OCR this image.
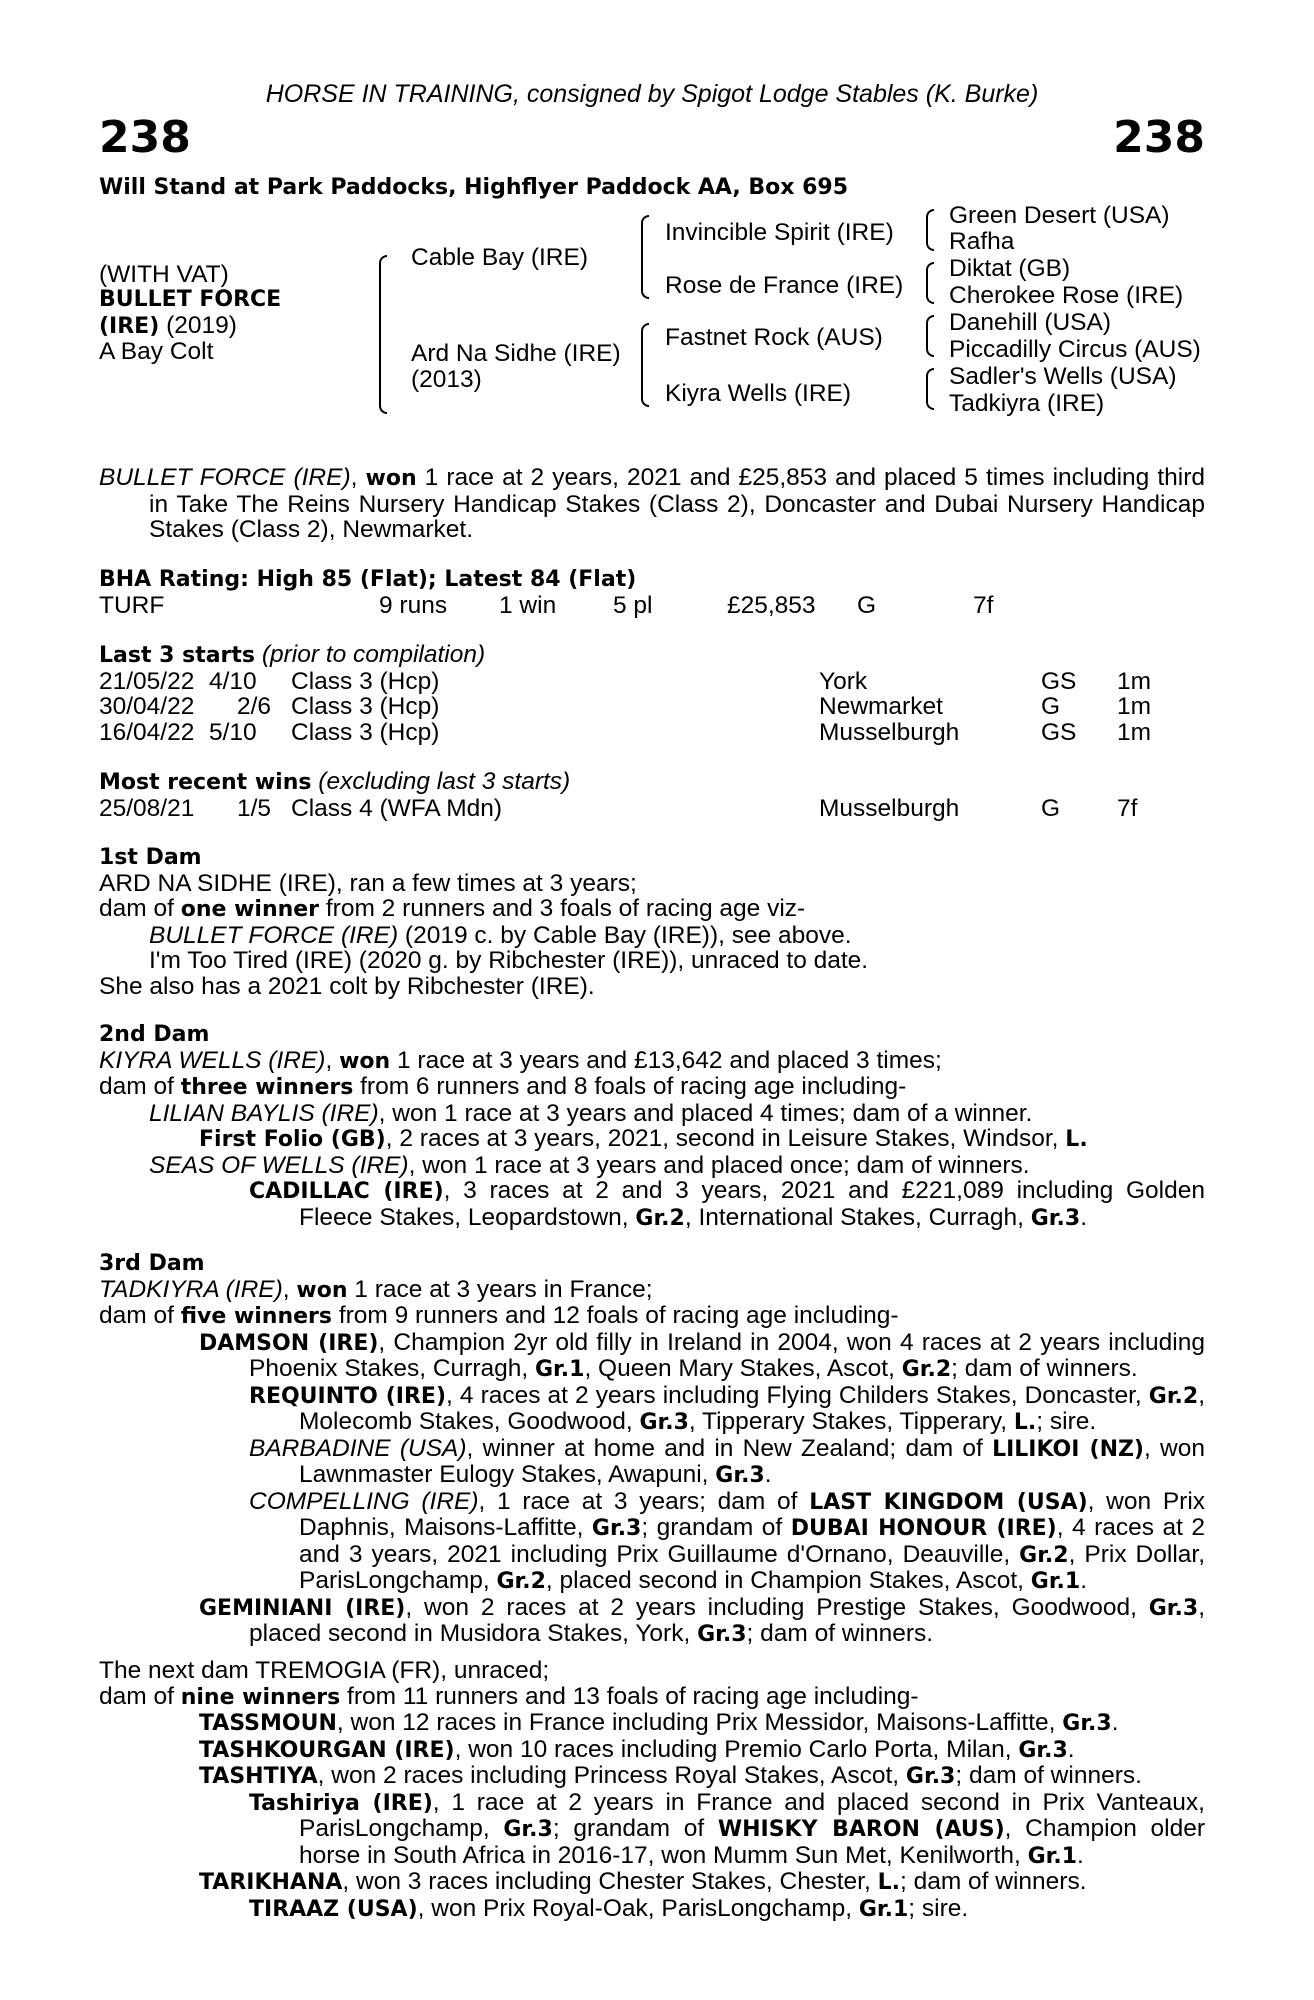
HORSE IN TRAINING, consigned by Spigot Lodge Stables (K. Burke)
238	238
Will Stand at Park Paddocks, Highflyer Paddock AA, Box 695
(WITH VAT)
BULLET FORCE
(IRE) (2019)
A Bay Colt
Cable Bay (IRE)
Ard Na Sidhe (IRE)
(2013)
Invincible Spirit (IRE)
Rose de France (IRE)
Fastnet Rock (AUS)
Kiyra Wells (IRE)
Green Desert (USA)
Rafha
Diktat (GB)
Cherokee Rose (IRE)
Danehill (USA)
Piccadilly Circus (AUS)
Sadler's Wells (USA)
Tadkiyra (IRE)

BULLET FORCE (IRE), won 1 race at 2 years, 2021 and £25,853 and placed 5 times including third in Take The Reins Nursery Handicap Stakes (Class 2), Doncaster and Dubai Nursery Handicap Stakes (Class 2), Newmarket.

BHA Rating: High 85 (Flat); Latest 84 (Flat)
TURF	9 runs 1 win 5 pl	£25,853 G	7f
Last 3 starts (prior to compilation)
21/05/22 4/10 Class 3 (Hcp)	York	GS 1m
30/04/22 2/6 Class 3 (Hcp)	Newmarket	G 1m
16/04/22 5/10 Class 3 (Hcp)	Musselburgh	GS 1m
Most recent wins (excluding last 3 starts)
25/08/21 1/5 Class 4 (WFA Mdn)	Musselburgh	G 7f
1st Dam

ARD NA SIDHE (IRE), ran a few times at 3 years;

dam of one winner from 2 runners and 3 foals of racing age viz-

BULLET FORCE (IRE) (2019 c. by Cable Bay (IRE)), see above.

I'm Too Tired (IRE) (2020 g. by Ribchester (IRE)), unraced to date.

She also has a 2021 colt by Ribchester (IRE).

2nd Dam

KIYRA WELLS (IRE), won 1 race at 3 years and £13,642 and placed 3 times;

dam of three winners from 6 runners and 8 foals of racing age including-

LILIAN BAYLIS (IRE), won 1 race at 3 years and placed 4 times; dam of a winner.

First Folio (GB), 2 races at 3 years, 2021, second in Leisure Stakes, Windsor, L.

SEAS OF WELLS (IRE), won 1 race at 3 years and placed once; dam of winners.

CADILLAC (IRE), 3 races at 2 and 3 years, 2021 and £221,089 including Golden Fleece Stakes, Leopardstown, Gr.2, International Stakes, Curragh, Gr.3.

3rd Dam

TADKIYRA (IRE), won 1 race at 3 years in France;

dam of five winners from 9 runners and 12 foals of racing age including-

DAMSON (IRE), Champion 2yr old filly in Ireland in 2004, won 4 races at 2 years including Phoenix Stakes, Curragh, Gr.1, Queen Mary Stakes, Ascot, Gr.2; dam of winners.

REQUINTO (IRE), 4 races at 2 years including Flying Childers Stakes, Doncaster, Gr.2, Molecomb Stakes, Goodwood, Gr.3, Tipperary Stakes, Tipperary, L.; sire.

BARBADINE (USA), winner at home and in New Zealand; dam of LILIKOI (NZ), won Lawnmaster Eulogy Stakes, Awapuni, Gr.3.

COMPELLING (IRE), 1 race at 3 years; dam of LAST KINGDOM (USA), won Prix Daphnis, Maisons-Laffitte, Gr.3; grandam of DUBAI HONOUR (IRE), 4 races at 2 and 3 years, 2021 including Prix Guillaume d'Ornano, Deauville, Gr.2, Prix Dollar, ParisLongchamp, Gr.2, placed second in Champion Stakes, Ascot, Gr.1.

GEMINIANI (IRE), won 2 races at 2 years including Prestige Stakes, Goodwood, Gr.3, placed second in Musidora Stakes, York, Gr.3; dam of winners.

The next dam TREMOGIA (FR), unraced;

dam of nine winners from 11 runners and 13 foals of racing age including-

TASSMOUN, won 12 races in France including Prix Messidor, Maisons-Laffitte, Gr.3.

TASHKOURGAN (IRE), won 10 races including Premio Carlo Porta, Milan, Gr.3.

TASHTIYA, won 2 races including Princess Royal Stakes, Ascot, Gr.3; dam of winners.

Tashiriya (IRE), 1 race at 2 years in France and placed second in Prix Vanteaux, ParisLongchamp, Gr.3; grandam of WHISKY BARON (AUS), Champion older horse in South Africa in 2016-17, won Mumm Sun Met, Kenilworth, Gr.1.

TARIKHANA, won 3 races including Chester Stakes, Chester, L.; dam of winners.

TIRAAZ (USA), won Prix Royal-Oak, ParisLongchamp, Gr.1; sire.
